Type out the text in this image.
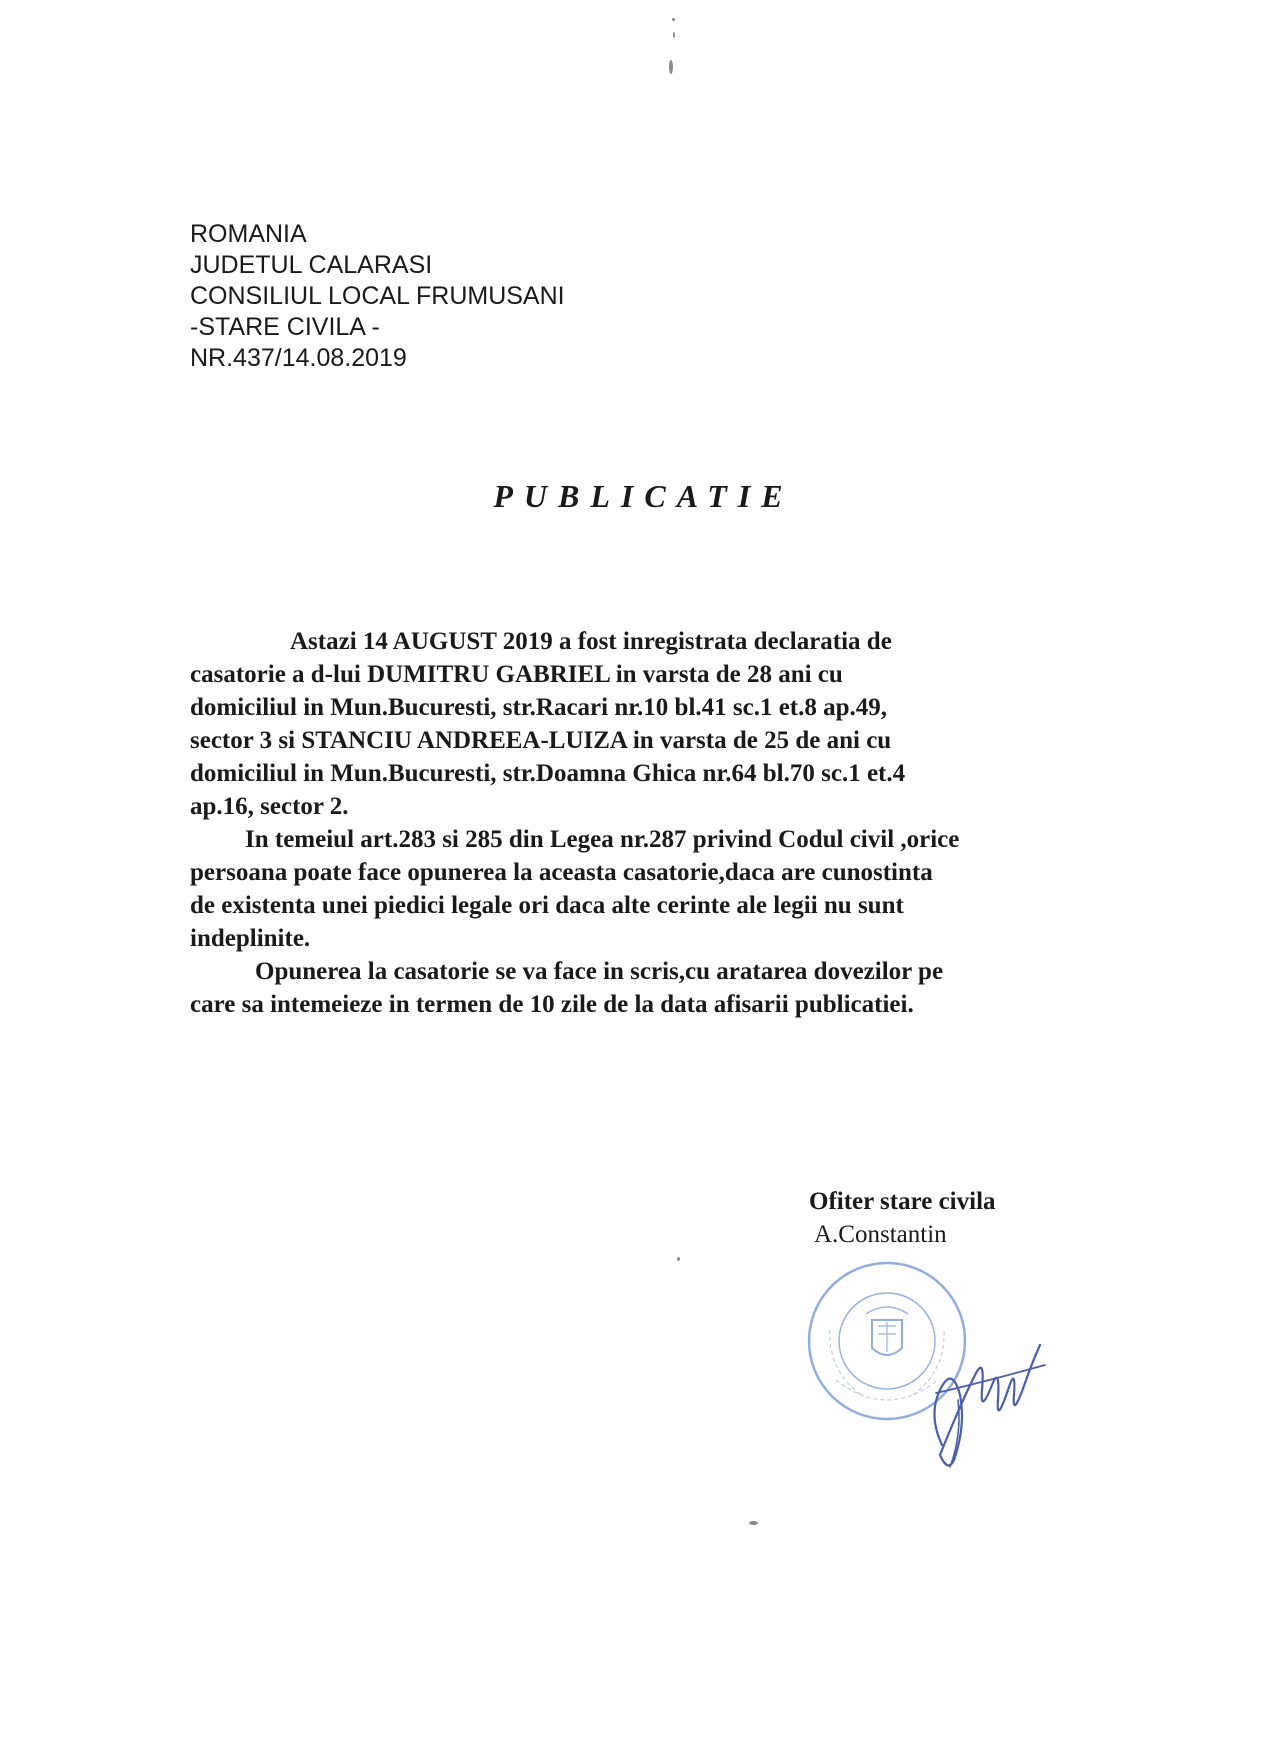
ROMANIA
JUDETUL CALARASI
CONSILIUL LOCAL FRUMUSANI
-STARE CIVILA -
NR.437/14.08.2019
PUBLICATIE
Astazi 14 AUGUST 2019 a fost inregistrata declaratia de
casatorie a d-lui DUMITRU GABRIEL in varsta de 28 ani cu
domiciliul in Mun.Bucuresti, str.Racari nr.10 bl.41 sc.1 et.8 ap.49,
sector 3 si STANCIU ANDREEA-LUIZA in varsta de 25 de ani cu
domiciliul in Mun.Bucuresti, str.Doamna Ghica nr.64 bl.70 sc.1 et.4
ap.16, sector 2.
In temeiul art.283 si 285 din Legea nr.287 privind Codul civil ,orice
persoana poate face opunerea la aceasta casatorie,daca are cunostinta
de existenta unei piedici legale ori daca alte cerinte ale legii nu sunt
indeplinite.
Opunerea la casatorie se va face in scris,cu aratarea dovezilor pe
care sa intemeieze in termen de 10 zile de la data afisarii publicatiei.
Ofiter stare civila
A.Constantin
